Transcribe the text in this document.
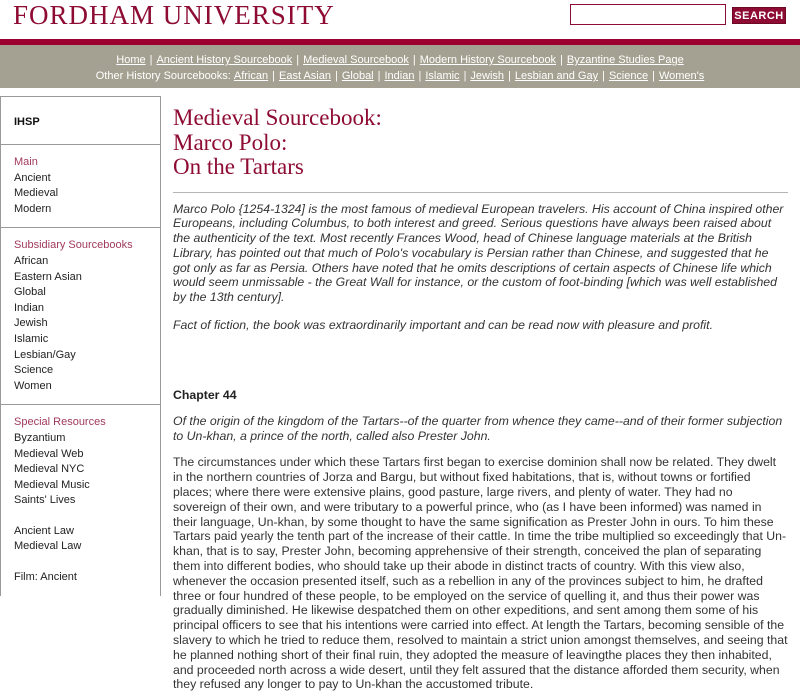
FORDHAM UNIVERSITY	SEARCH
Home | Ancient History Sourcebook | Medieval Sourcebook | Modern History Sourcebook | Byzantine Studies Page
Other History Sourcebooks: African | East Asian | Global | Indian | Islamic | Jewish | Lesbian and Gay | Science | Women's
IHSP
Main
Ancient
Medieval
Modern
Subsidiary Sourcebooks
African
Eastern Asian
Global
Indian
Jewish
Islamic
Lesbian/Gay
Science
Women
Special Resources
Byzantium
Medieval Web
Medieval NYC
Medieval Music
Saints' Lives
Ancient Law
Medieval Law
Film: Ancient
Medieval Sourcebook:
Marco Polo:
On the Tartars

Marco Polo {1254-1324] is the most famous of medieval European travelers. His account of China inspired other Europeans, including Columbus, to both interest and greed. Serious questions have always been raised about the authenticity of the text. Most recently Frances Wood, head of Chinese language materials at the British Library, has pointed out that much of Polo's vocabulary is Persian rather than Chinese, and suggested that he got only as far as Persia. Others have noted that he omits descriptions of certain aspects of Chinese life which would seem unmissable - the Great Wall for instance, or the custom of foot-binding [which was well established by the 13th century].

Fact of fiction, the book was extraordinarily important and can be read now with pleasure and profit.

Chapter 44

Of the origin of the kingdom of the Tartars--of the quarter from whence they came--and of their former subjection to Un-khan, a prince of the north, called also Prester John.

The circumstances under which these Tartars first began to exercise dominion shall now be related. They dwelt in the northern countries of Jorza and Bargu, but without fixed habitations, that is, without towns or fortified places; where there were extensive plains, good pasture, large rivers, and plenty of water. They had no sovereign of their own, and were tributary to a powerful prince, who (as I have been informed) was named in their language, Un-khan, by some thought to have the same signification as Prester John in ours. To him these Tartars paid yearly the tenth part of the increase of their cattle. In time the tribe multiplied so exceedingly that Un-khan, that is to say, Prester John, becoming apprehensive of their strength, conceived the plan of separating them into different bodies, who should take up their abode in distinct tracts of country. With this view also, whenever the occasion presented itself, such as a rebellion in any of the provinces subject to him, he drafted three or four hundred of these people, to be employed on the service of quelling it, and thus their power was gradually diminished. He likewise despatched them on other expeditions, and sent among them some of his principal officers to see that his intentions were carried into effect. At length the Tartars, becoming sensible of the slavery to which he tried to reduce them, resolved to maintain a strict union amongst themselves, and seeing that he planned nothing short of their final ruin, they adopted the measure of leavingthe places they then inhabited, and proceeded north across a wide desert, until they felt assured that the distance afforded them security, when they refused any longer to pay to Un-khan the accustomed tribute.
